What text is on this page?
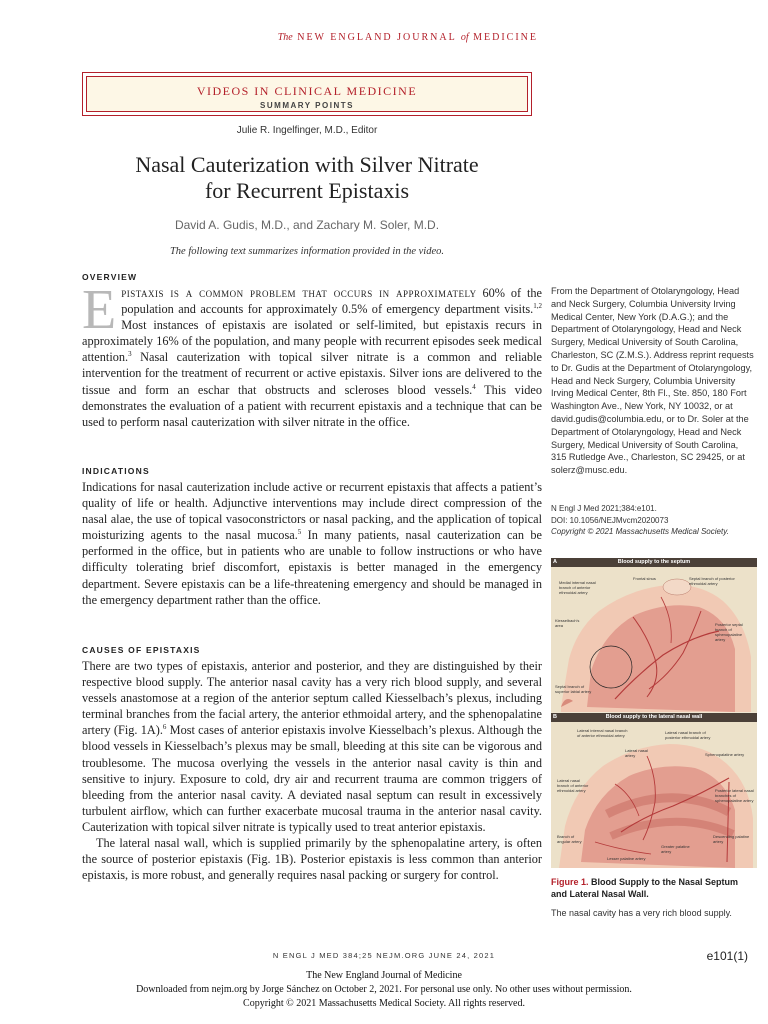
The NEW ENGLAND JOURNAL of MEDICINE
VIDEOS IN CLINICAL MEDICINE
SUMMARY POINTS
Julie R. Ingelfinger, M.D., Editor
Nasal Cauterization with Silver Nitrate
for Recurrent Epistaxis
David A. Gudis, M.D., and Zachary M. Soler, M.D.
The following text summarizes information provided in the video.
OVERVIEW

Epistaxis is a common problem that occurs in approximately 60% of the population and accounts for approximately 0.5% of emergency department visits.$^{1,2}$ Most instances of epistaxis are isolated or self-limited, but epistaxis recurs in approximately 16% of the population, and many people with recurrent episodes seek medical attention.$^3$ Nasal cauterization with topical silver nitrate is a common and reliable intervention for the treatment of recurrent or active epistaxis. Silver ions are delivered to the tissue and form an eschar that obstructs and scleroses blood vessels.$^4$ This video demonstrates the evaluation of a patient with recurrent epistaxis and a technique that can be used to perform nasal cauterization with silver nitrate in the office.

INDICATIONS

Indications for nasal cauterization include active or recurrent epistaxis that affects a patient’s quality of life or health. Adjunctive interventions may include direct compression of the nasal alae, the use of topical vasoconstrictors or nasal packing, and the application of topical moisturizing agents to the nasal mucosa.$^5$ In many patients, nasal cauterization can be performed in the office, but in patients who are unable to follow instructions or who have difficulty tolerating brief discomfort, epistaxis is better managed in the emergency department. Severe epistaxis can be a life-threatening emergency and should be managed in the emergency department rather than the office.

CAUSES OF EPISTAXIS

There are two types of epistaxis, anterior and posterior, and they are distinguished by their respective blood supply. The anterior nasal cavity has a very rich blood supply, and several vessels anastomose at a region of the anterior septum called Kiesselbach’s plexus, including terminal branches from the facial artery, the anterior ethmoidal artery, and the sphenopalatine artery (Fig. 1A).$^6$ Most cases of anterior epistaxis involve Kiesselbach’s plexus. Although the blood vessels in Kiesselbach’s plexus may be small, bleeding at this site can be vigorous and troublesome. The mucosa overlying the vessels in the anterior nasal cavity is thin and sensitive to injury. Exposure to cold, dry air and recurrent trauma are common triggers of bleeding from the anterior nasal cavity. A deviated nasal septum can result in excessively turbulent airflow, which can further exacerbate mucosal trauma in the anterior nasal cavity. Cauterization with topical silver nitrate is typically used to treat anterior epistaxis.

The lateral nasal wall, which is supplied primarily by the sphenopalatine artery, is often the source of posterior epistaxis (Fig. 1B). Posterior epistaxis is less common than anterior epistaxis, is more robust, and generally requires nasal packing or surgery for control.

From the Department of Otolaryngology, Head and Neck Surgery, Columbia University Irving Medical Center, New York (D.A.G.); and the Department of Otolaryngology, Head and Neck Surgery, Medical University of South Carolina, Charleston, SC (Z.M.S.). Address reprint requests to Dr. Gudis at the Department of Otolaryngology, Head and Neck Surgery, Columbia University Irving Medical Center, 8th Fl., Ste. 850, 180 Fort Washington Ave., New York, NY 10032, or at david.gudis@columbia.edu, or to Dr. Soler at the Department of Otolaryngology, Head and Neck Surgery, Medical University of South Carolina, 315 Rutledge Ave., Charleston, SC 29425, or at solerz@musc.edu.
N Engl J Med 2021;384:e101.
DOI: 10.1056/NEJMvcm2020073
Copyright © 2021 Massachusetts Medical Society.
A	Blood supply to the septum
Medial internal nasal branch of anterior ethmoidal artery
Frontal sinus	Septal branch of posterior ethmoidal artery
Kiesselbach's area	Posterior septal branch of sphenopalatine artery
Septal branch of superior labial artery
B	Blood supply to the lateral nasal wall
Lateral internal nasal branch of anterior ethmoidal artery
Lateral nasal branch of posterior ethmoidal artery
Lateral nasal artery	Sphenopalatine artery
Lateral nasal branch of anterior ethmoidal artery	Posterior lateral nasal branches of sphenopalatine artery
Branch of angular artery
Greater palatine artery
Lesser palatine artery
Descending palatine artery
Figure 1. Blood Supply to the Nasal Septum and Lateral Nasal Wall.
The nasal cavity has a very rich blood supply.
N ENGL J MED 384;25 NEJM.ORG JUNE 24, 2021	e101(1)
The New England Journal of Medicine
Downloaded from nejm.org by Jorge Sánchez on October 2, 2021. For personal use only. No other uses without permission.
Copyright © 2021 Massachusetts Medical Society. All rights reserved.
